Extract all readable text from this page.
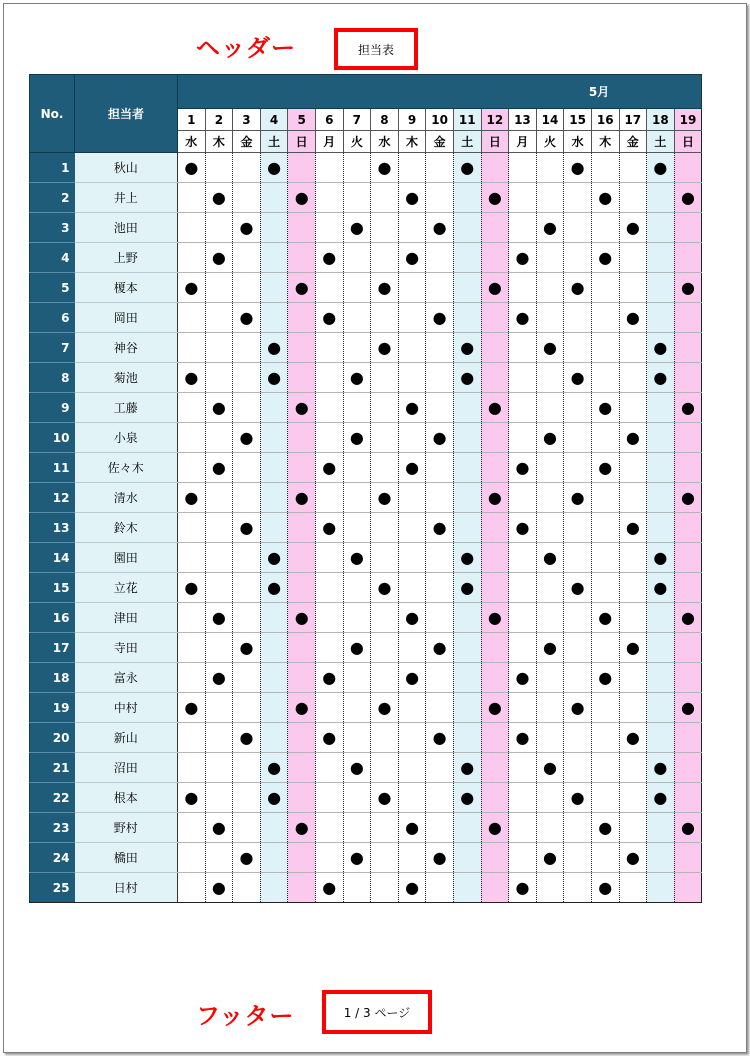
ヘッダー	担当表
No.	担当者	5月																		
		1	2	3	4	5	6	7	8	9	10	11	12	13	14	15	16	17	18	19
		水	木	金	土	日	月	火	水	木	金	土	日	月	火	水	木	金	土	日
1	秋山	●			●				●			●				●			●	
2	井上		●			●				●			●				●			●
3	池田			●				●			●				●			●		
4	上野		●				●			●				●			●			
5	榎本	●				●			●				●			●				●
6	岡田			●			●				●			●				●		
7	神谷				●				●			●			●				●	
8	菊池	●			●			●				●				●			●	
9	工藤		●			●				●			●				●			●
10	小泉			●				●			●				●			●		
11	佐々木		●				●			●				●			●			
12	清水	●				●			●				●			●				●
13	鈴木			●			●				●			●				●		
14	園田				●			●				●			●				●	
15	立花	●			●				●			●				●			●	
16	津田		●			●				●			●				●			●
17	寺田			●				●			●				●			●		
18	富永		●				●			●				●			●			
19	中村	●				●			●				●			●				●
20	新山			●			●				●			●				●		
21	沼田				●			●				●			●				●	
22	根本	●			●				●			●				●			●	
23	野村		●			●				●			●				●			●
24	橋田			●				●			●				●			●		
25	日村		●				●			●				●			●			
フッター	1 / 3 ページ
